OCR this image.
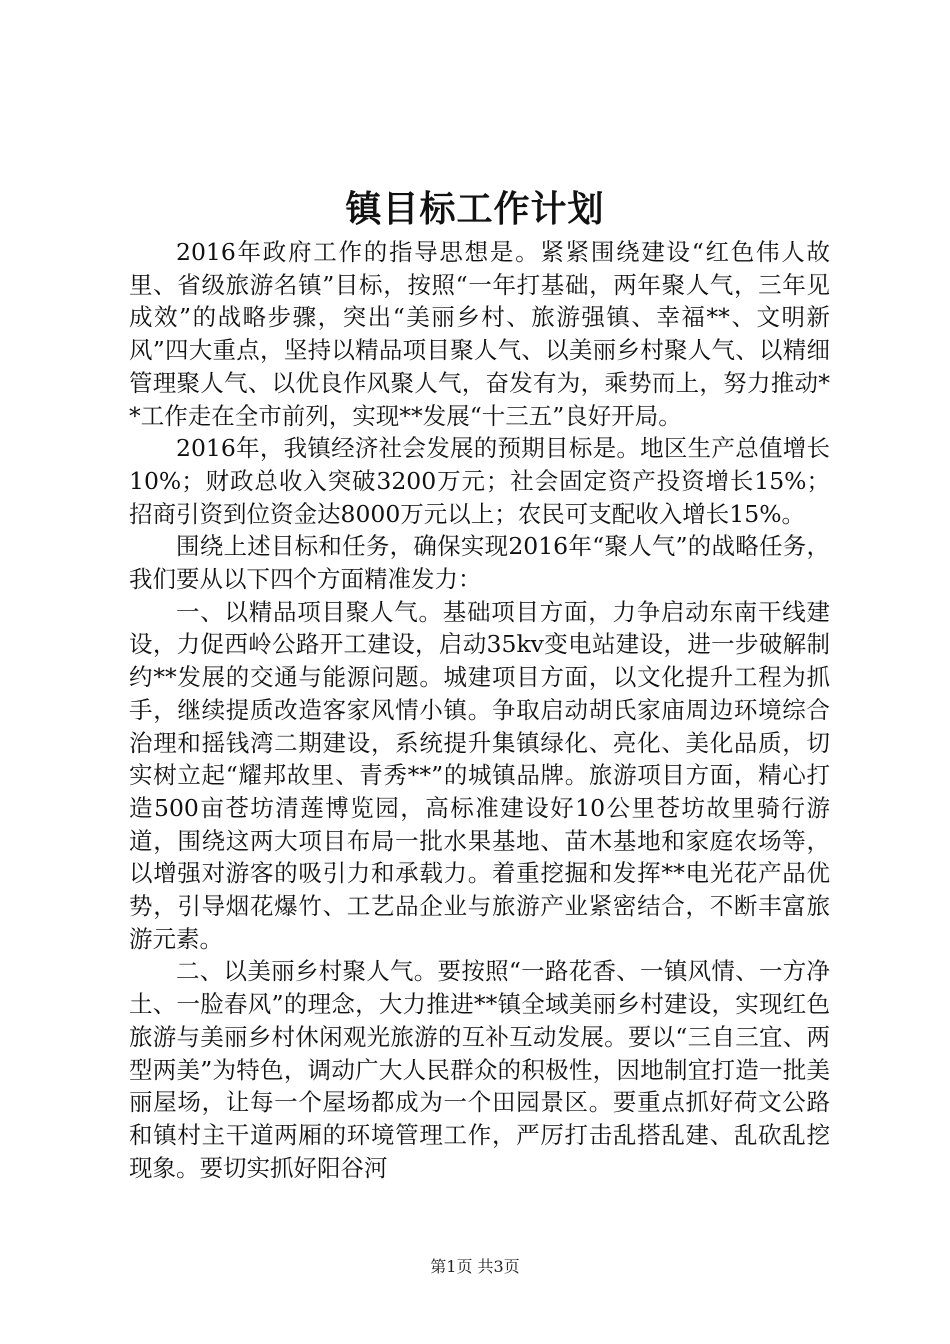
镇目标工作计划

2016年政府工作的指导思想是。紧紧围绕建设“红色伟人故里、省级旅游名镇”目标，按照“一年打基础，两年聚人气，三年见成效”的战略步骤，突出“美丽乡村、旅游强镇、幸福**、文明新风”四大重点，坚持以精品项目聚人气、以美丽乡村聚人气、以精细管理聚人气、以优良作风聚人气，奋发有为，乘势而上，努力推动**工作走在全市前列，实现**发展“十三五”良好开局。

2016年，我镇经济社会发展的预期目标是。地区生产总值增长10%；财政总收入突破3200万元；社会固定资产投资增长15%；招商引资到位资金达8000万元以上；农民可支配收入增长15%。

围绕上述目标和任务，确保实现2016年“聚人气”的战略任务，我们要从以下四个方面精准发力：

一、以精品项目聚人气。基础项目方面，力争启动东南干线建设，力促西岭公路开工建设，启动35kv变电站建设，进一步破解制约**发展的交通与能源问题。城建项目方面，以文化提升工程为抓手，继续提质改造客家风情小镇。争取启动胡氏家庙周边环境综合治理和摇钱湾二期建设，系统提升集镇绿化、亮化、美化品质，切实树立起“耀邦故里、青秀**”的城镇品牌。旅游项目方面，精心打造500亩苍坊清莲博览园，高标准建设好10公里苍坊故里骑行游道，围绕这两大项目布局一批水果基地、苗木基地和家庭农场等，以增强对游客的吸引力和承载力。着重挖掘和发挥**电光花产品优势，引导烟花爆竹、工艺品企业与旅游产业紧密结合，不断丰富旅游元素。

二、以美丽乡村聚人气。要按照“一路花香、一镇风情、一方净土、一脸春风”的理念，大力推进**镇全域美丽乡村建设，实现红色旅游与美丽乡村休闲观光旅游的互补互动发展。要以“三自三宜、两型两美”为特色，调动广大人民群众的积极性，因地制宜打造一批美丽屋场，让每一个屋场都成为一个田园景区。要重点抓好荷文公路和镇村主干道两厢的环境管理工作，严厉打击乱搭乱建、乱砍乱挖现象。要切实抓好阳谷河

第1页 共3页
